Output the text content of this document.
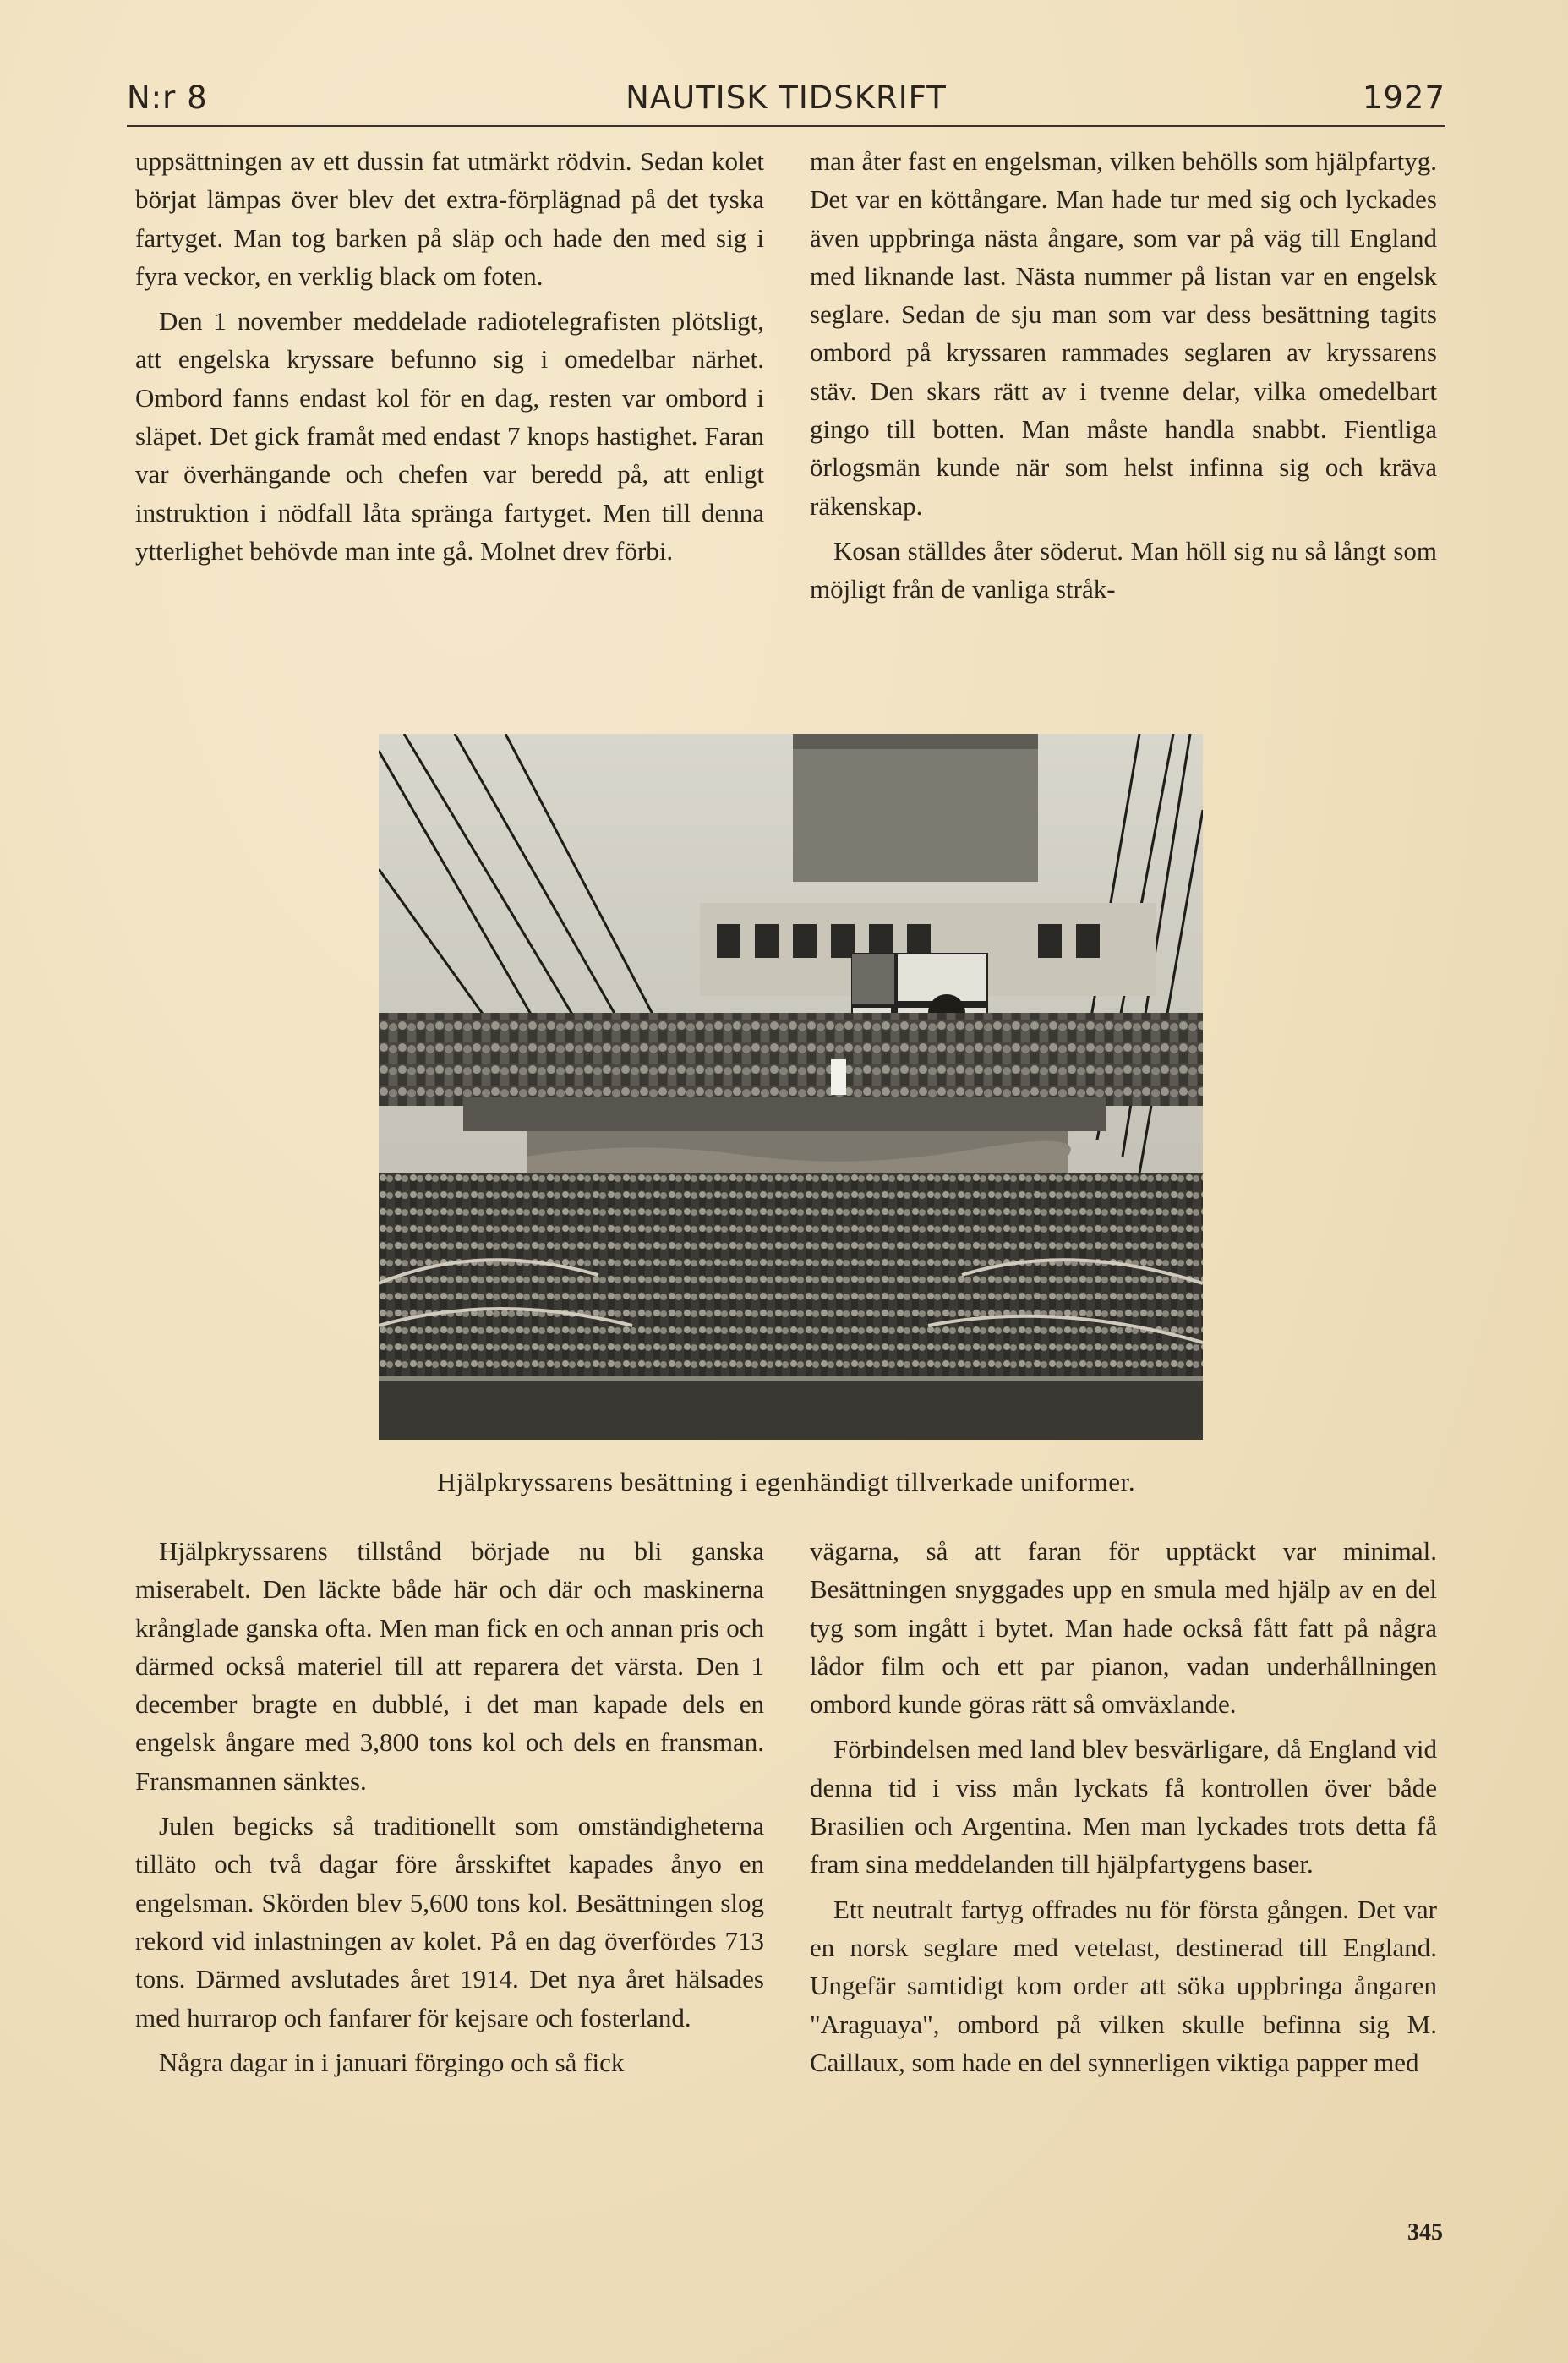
N:r 8	NAUTISK TIDSKRIFT	1927

uppsättningen av ett dussin fat utmärkt rödvin. Sedan kolet börjat lämpas över blev det extra-förplägnad på det tyska fartyget. Man tog barken på släp och hade den med sig i fyra veckor, en verklig black om foten.

Den 1 november meddelade radiotelegrafisten plötsligt, att engelska kryssare befunno sig i omedelbar närhet. Ombord fanns endast kol för en dag, resten var ombord i släpet. Det gick framåt med endast 7 knops hastighet. Faran var överhängande och chefen var beredd på, att enligt instruktion i nödfall låta spränga fartyget. Men till denna ytterlighet behövde man inte gå. Molnet drev förbi.

man åter fast en engelsman, vilken behölls som hjälpfartyg. Det var en köttångare. Man hade tur med sig och lyckades även uppbringa nästa ångare, som var på väg till England med liknande last. Nästa nummer på listan var en engelsk seglare. Sedan de sju man som var dess besättning tagits ombord på kryssaren rammades seglaren av kryssarens stäv. Den skars rätt av i tvenne delar, vilka omedelbart gingo till botten. Man måste handla snabbt. Fientliga örlogsmän kunde när som helst infinna sig och kräva räkenskap.

Kosan ställdes åter söderut. Man höll sig nu så långt som möjligt från de vanliga stråk-

Hjälpkryssarens besättning i egenhändigt tillverkade uniformer.

Hjälpkryssarens tillstånd började nu bli ganska miserabelt. Den läckte både här och där och maskinerna krånglade ganska ofta. Men man fick en och annan pris och därmed också materiel till att reparera det värsta. Den 1 december bragte en dubblé, i det man kapade dels en engelsk ångare med 3,800 tons kol och dels en fransman. Fransmannen sänktes.

Julen begicks så traditionellt som omständigheterna tilläto och två dagar före årsskiftet kapades ånyo en engelsman. Skörden blev 5,600 tons kol. Besättningen slog rekord vid inlastningen av kolet. På en dag överfördes 713 tons. Därmed avslutades året 1914. Det nya året hälsades med hurrarop och fanfarer för kejsare och fosterland.

Några dagar in i januari förgingo och så fick

vägarna, så att faran för upptäckt var minimal. Besättningen snyggades upp en smula med hjälp av en del tyg som ingått i bytet. Man hade också fått fatt på några lådor film och ett par pianon, vadan underhållningen ombord kunde göras rätt så omväxlande.

Förbindelsen med land blev besvärligare, då England vid denna tid i viss mån lyckats få kontrollen över både Brasilien och Argentina. Men man lyckades trots detta få fram sina meddelanden till hjälpfartygens baser.

Ett neutralt fartyg offrades nu för första gången. Det var en norsk seglare med vetelast, destinerad till England. Ungefär samtidigt kom order att söka uppbringa ångaren "Araguaya", ombord på vilken skulle befinna sig M. Caillaux, som hade en del synnerligen viktiga papper med

345
